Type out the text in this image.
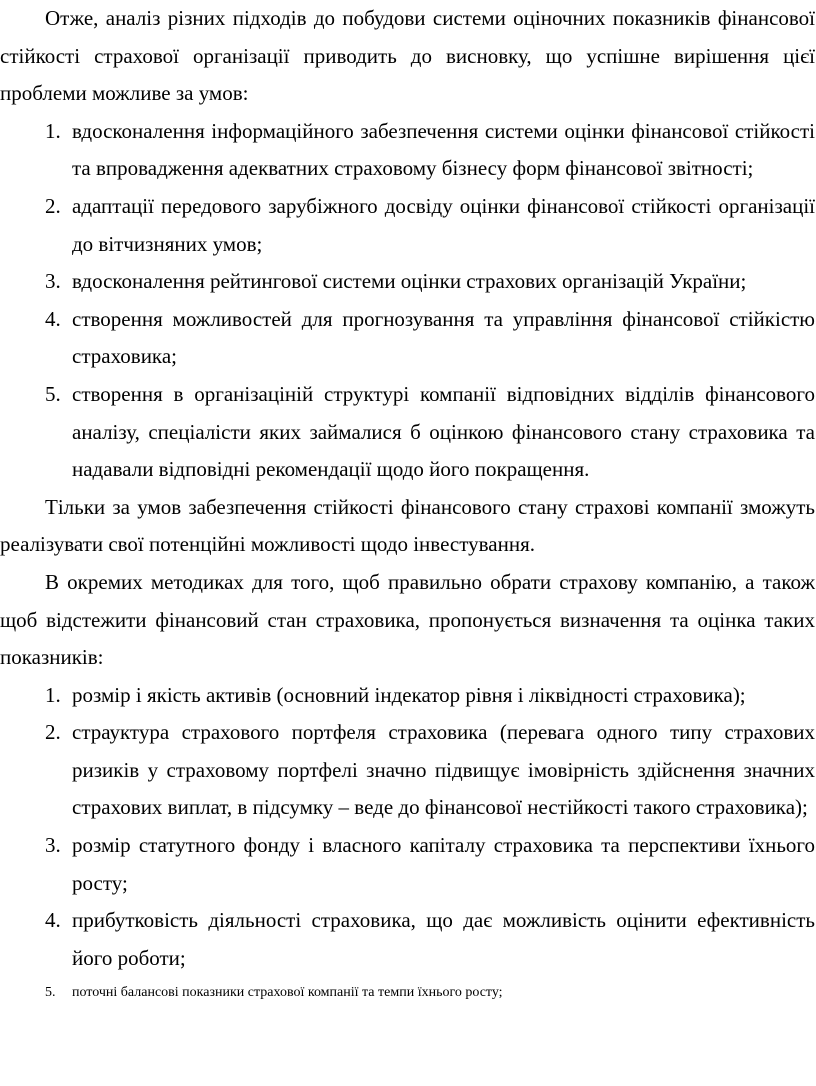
Отже, аналіз різних підходів до побудови системи оціночних показників фінансової стійкості страхової організації приводить до висновку, що успішне вирішення цієї проблеми можливе за умов:

1. вдосконалення інформаційного забезпечення системи оцінки фінансової стійкості та впровадження адекватних страховому бізнесу форм фінансової звітності;
2. адаптації передового зарубіжного досвіду оцінки фінансової стійкості організації до вітчизняних умов;
3. вдосконалення рейтингової системи оцінки страхових організацій України;
4. створення можливостей для прогнозування та управління фінансової стійкістю страховика;
5. створення в організаціній структурі компанії відповідних відділів фінансового аналізу, спеціалісти яких займалися б оцінкою фінансового стану страховика та надавали відповідні рекомендації щодо його покращення.

Тільки за умов забезпечення стійкості фінансового стану страхові компанії зможуть реалізувати свої потенційні можливості щодо інвестування.

В окремих методиках для того, щоб правильно обрати страхову компанію, а також щоб відстежити фінансовий стан страховика, пропонується визначення та оцінка таких показників:

1. розмір і якість активів (основний індекатор рівня і ліквідності страховика);
2. страуктура страхового портфеля страховика (перевага одного типу страхових ризиків у страховому портфелі значно підвищує імовірність здійснення значних страхових виплат, в підсумку – веде до фінансової нестійкості такого страховика);
3. розмір статутного фонду і власного капіталу страховика та перспективи їхнього росту;
4. прибутковість діяльності страховика, що дає можливість оцінити ефективність його роботи;
5. поточні балансові показники страхової компанії та темпи їхнього росту;
